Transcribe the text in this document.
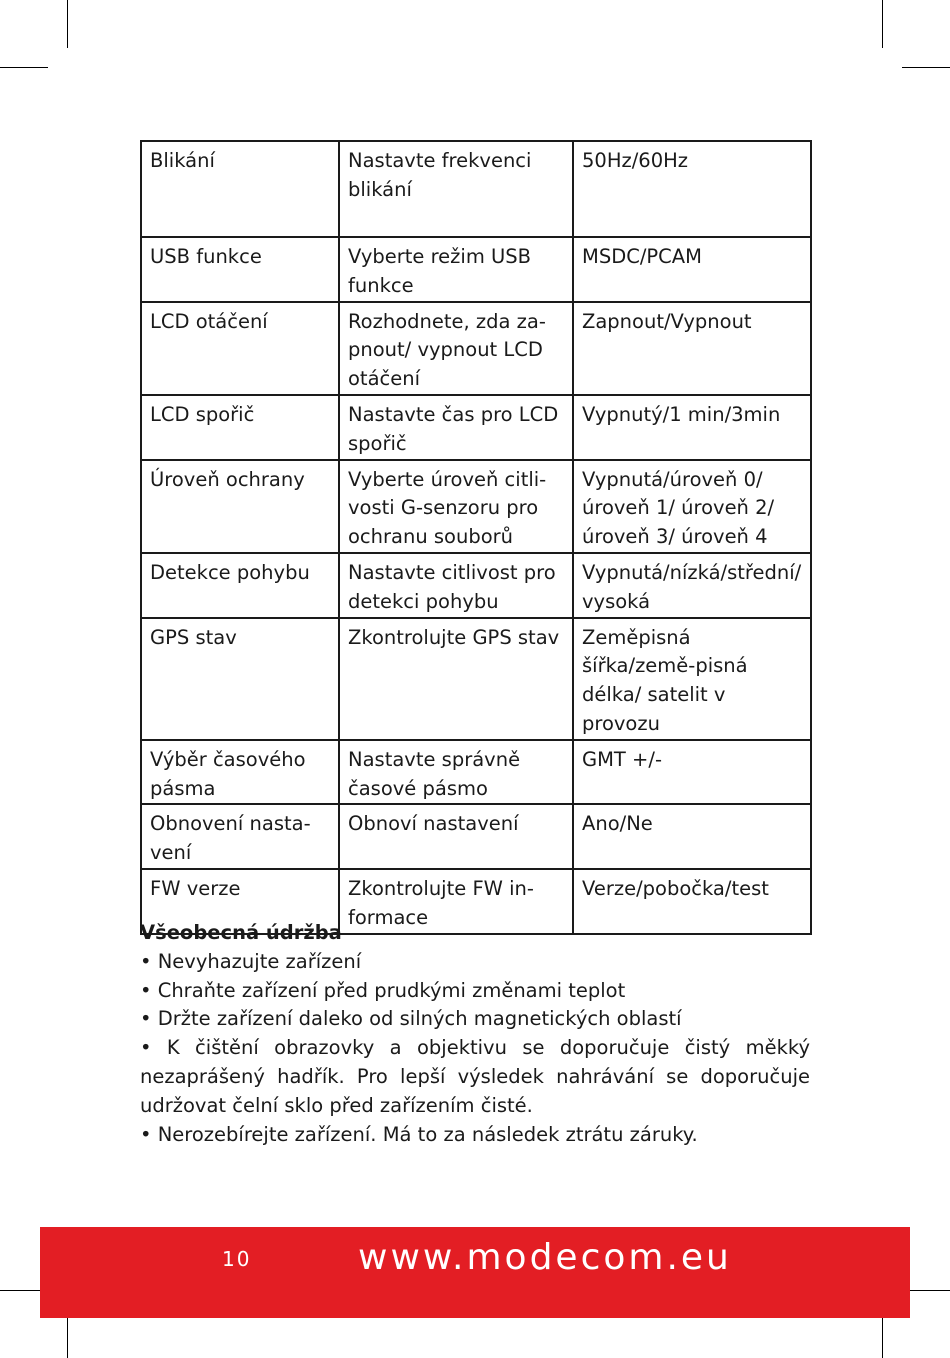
Blikání	Nastavte frekvenci blikání	50Hz/60Hz
USB funkce	Vyberte režim USB funkce	MSDC/PCAM
LCD otáčení	Rozhodnete, zda za-pnout/ vypnout LCD otáčení	Zapnout/Vypnout
LCD spořič	Nastavte čas pro LCD spořič	Vypnutý/1 min/3min
Úroveň ochrany	Vyberte úroveň citli-vosti G-senzoru pro ochranu souborů	Vypnutá/úroveň 0/ úroveň 1/ úroveň 2/ úroveň 3/ úroveň 4
Detekce pohybu	Nastavte citlivost pro detekci pohybu	Vypnutá/nízká/střední/ vysoká
GPS stav	Zkontrolujte GPS stav	Zeměpisná šířka/země-pisná délka/ satelit v provozu
Výběr časového pásma	Nastavte správně časové pásmo	GMT +/-
Obnovení nasta-vení	Obnoví nastavení	Ano/Ne
FW verze	Zkontrolujte FW in-formace	Verze/pobočka/test
Všeobecná údržba
• Nevyhazujte zařízení
• Chraňte zařízení před prudkými změnami teplot
• Držte zařízení daleko od silných magnetických oblastí
• K čištění obrazovky a objektivu se doporučuje čistý měkký nezaprášený hadřík. Pro lepší výsledek nahrávání se doporučuje udržovat čelní sklo před zařízením čisté.
• Nerozebírejte zařízení. Má to za následek ztrátu záruky.
10	www.modecom.eu
